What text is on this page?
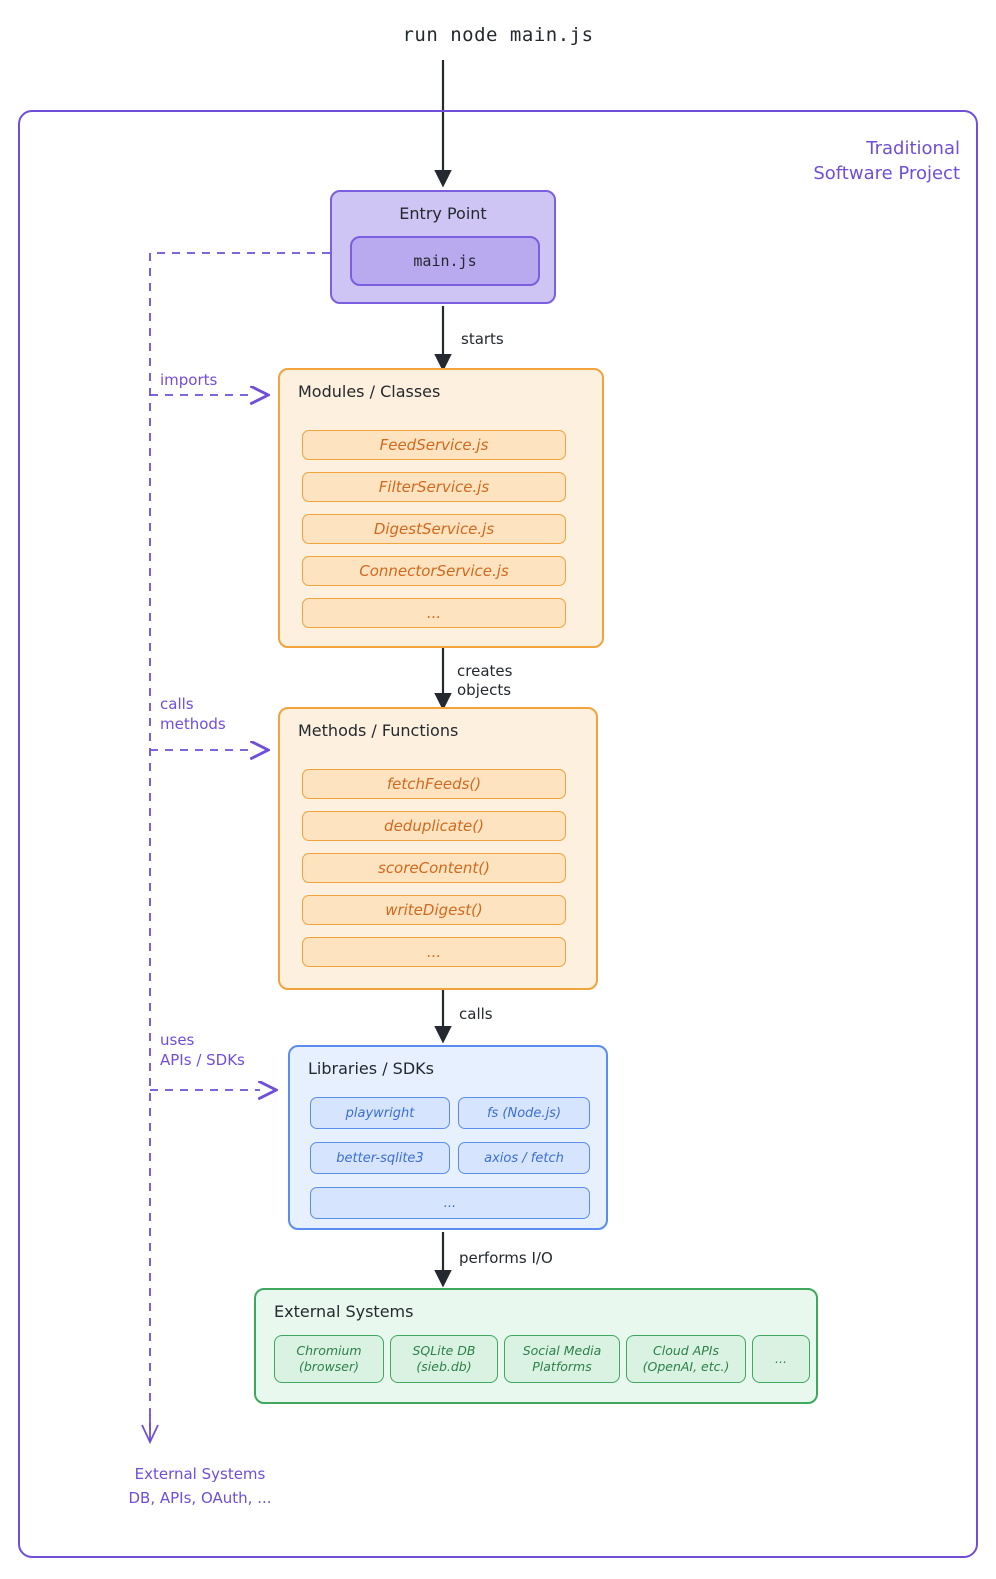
run node main.js
Traditional
Software Project
Entry Point
main.js
starts
Modules / Classes
FeedService.js
FilterService.js
DigestService.js
ConnectorService.js
...
creates
objects
Methods / Functions
fetchFeeds()
deduplicate()
scoreContent()
writeDigest()
...
calls
Libraries / SDKs
playwright	fs (Node.js)
better-sqlite3	axios / fetch
...
performs I/O
External Systems
Chromium
(browser)
SQLite DB
(sieb.db)
Social Media
Platforms
Cloud APIs
(OpenAI, etc.)
...
imports
calls
methods
uses
APIs / SDKs
External Systems
DB, APIs, OAuth, ...
